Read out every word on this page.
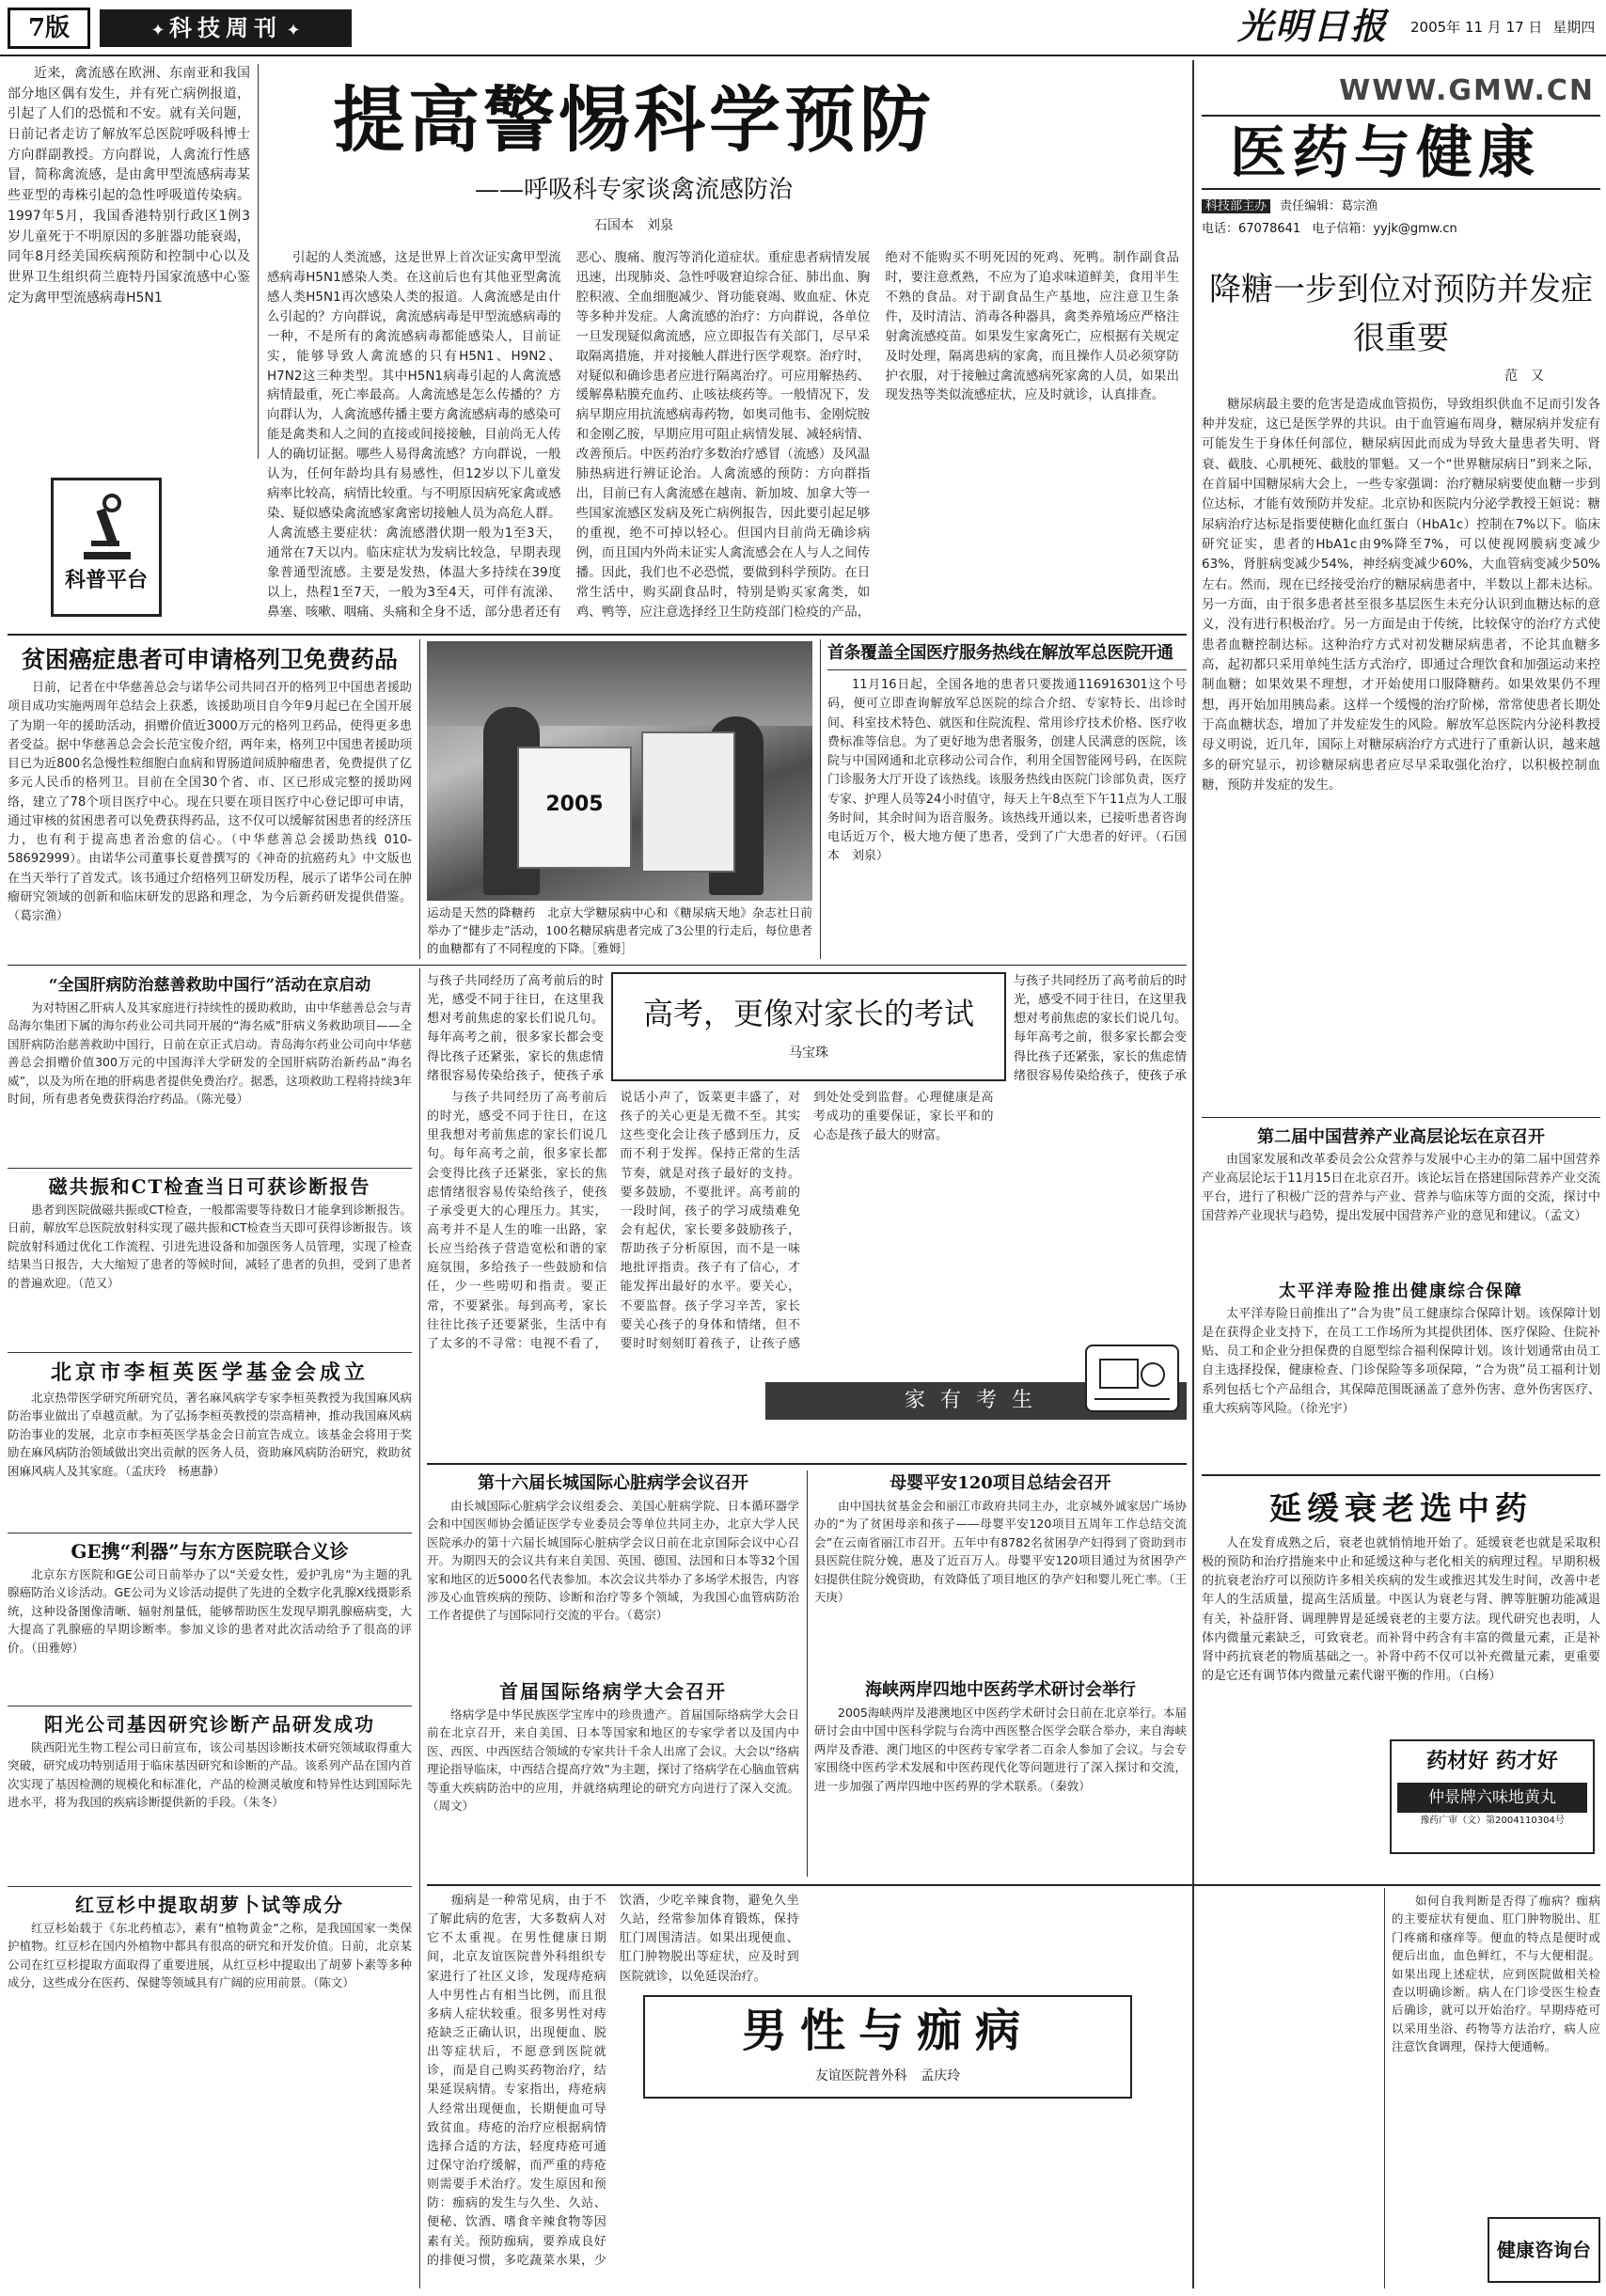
7版	✦ 科技周刊 ✦	光明日报	2005年 11 月 17 日 星期四
近来，禽流感在欧洲、东南亚和我国部分地区偶有发生，并有死亡病例报道，引起了人们的恐慌和不安。就有关问题，日前记者走访了解放军总医院呼吸科博士方向群副教授。方向群说，人禽流行性感冒，简称禽流感，是由禽甲型流感病毒某些亚型的毒株引起的急性呼吸道传染病。1997年5月，我国香港特别行政区1例3岁儿童死于不明原因的多脏器功能衰竭，同年8月经美国疾病预防和控制中心以及世界卫生组织荷兰鹿特丹国家流感中心鉴定为禽甲型流感病毒H5N1
提高警惕科学预防
——呼吸科专家谈禽流感防治
石国本　刘泉
引起的人类流感，这是世界上首次证实禽甲型流感病毒H5N1感染人类。在这前后也有其他亚型禽流感人类H5N1再次感染人类的报道。人禽流感是由什么引起的？方向群说，禽流感病毒是甲型流感病毒的一种，不是所有的禽流感病毒都能感染人，目前证实，能够导致人禽流感的只有H5N1、H9N2、H7N2这三种类型。其中H5N1病毒引起的人禽流感病情最重，死亡率最高。人禽流感是怎么传播的？方向群认为，人禽流感传播主要方禽流感病毒的感染可能是禽类和人之间的直接或间接接触，目前尚无人传人的确切证据。哪些人易得禽流感？方向群说，一般认为，任何年龄均具有易感性，但12岁以下儿童发病率比较高，病情比较重。与不明原因病死家禽或感染、疑似感染禽流感家禽密切接触人员为高危人群。人禽流感主要症状：禽流感潜伏期一般为1至3天，通常在7天以内。临床症状为发病比较急，早期表现象普通型流感。主要是发热，体温大多持续在39度以上，热程1至7天，一般为3至4天，可伴有流涕、鼻塞、咳嗽、咽痛、头痛和全身不适，部分患者还有恶心、腹痛、腹泻等消化道症状。重症患者病情发展迅速，出现肺炎、急性呼吸窘迫综合征、肺出血、胸腔积液、全血细胞减少、肾功能衰竭、败血症、休克等多种并发症。人禽流感的治疗：方向群说，各单位一旦发现疑似禽流感，应立即报告有关部门，尽早采取隔离措施，并对接触人群进行医学观察。治疗时，对疑似和确诊患者应进行隔离治疗。可应用解热药、缓解鼻粘膜充血药、止咳祛痰药等。一般情况下，发病早期应用抗流感病毒药物，如奥司他韦、金刚烷胺和金刚乙胺，早期应用可阻止病情发展、减轻病情、改善预后。中医药治疗多数治疗感冒（流感）及风温肺热病进行辨证论治。人禽流感的预防：方向群指出，目前已有人禽流感在越南、新加坡、加拿大等一些国家流感区发病及死亡病例报告，因此要引起足够的重视，绝不可掉以轻心。但国内目前尚无确诊病例，而且国内外尚未证实人禽流感会在人与人之间传播。因此，我们也不必恐慌，要做到科学预防。在日常生活中，购买副食品时，特别是购买家禽类，如鸡、鸭等，应注意选择经卫生防疫部门检疫的产品，绝对不能购买不明死因的死鸡、死鸭。制作副食品时，要注意煮熟，不应为了追求味道鲜美，食用半生不熟的食品。对于副食品生产基地，应注意卫生条件，及时清洁、消毒各种器具，禽类养殖场应严格注射禽流感疫苗。如果发生家禽死亡，应根据有关规定及时处理，隔离患病的家禽，而且操作人员必须穿防护衣服，对于接触过禽流感病死家禽的人员，如果出现发热等类似流感症状，应及时就诊，认真排查。
科普平台
WWW.GMW.CN
医药与健康
科技部主办 责任编辑：葛宗渔
电话：67078641 电子信箱：yyjk@gmw.cn
降糖一步到位对预防并发症很重要
范　又
糖尿病最主要的危害是造成血管损伤，导致组织供血不足而引发各种并发症，这已是医学界的共识。由于血管遍布周身，糖尿病并发症有可能发生于身体任何部位，糖尿病因此而成为导致大量患者失明、肾衰、截肢、心肌梗死、截肢的罪魁。又一个“世界糖尿病日”到来之际，在首届中国糖尿病大会上，一些专家强调：治疗糖尿病要使血糖一步到位达标，才能有效预防并发症。北京协和医院内分泌学教授王姮说：糖尿病治疗达标是指要使糖化血红蛋白（HbA1c）控制在7%以下。临床研究证实，患者的HbA1c由9%降至7%，可以使视网膜病变减少63%，肾脏病变减少54%，神经病变减少60%，大血管病变减少50%左右。然而，现在已经接受治疗的糖尿病患者中，半数以上都未达标。另一方面，由于很多患者甚至很多基层医生未充分认识到血糖达标的意义，没有进行积极治疗。另一方面是由于传统，比较保守的治疗方式使患者血糖控制达标。这种治疗方式对初发糖尿病患者，不论其血糖多高，起初都只采用单纯生活方式治疗，即通过合理饮食和加强运动来控制血糖；如果效果不理想，才开始使用口服降糖药。如果效果仍不理想，再开始加用胰岛素。这样一个缓慢的治疗阶梯，常常使患者长期处于高血糖状态，增加了并发症发生的风险。解放军总医院内分泌科教授母义明说，近几年，国际上对糖尿病治疗方式进行了重新认识，越来越多的研究显示，初诊糖尿病患者应尽早采取强化治疗，以积极控制血糖，预防并发症的发生。
第二届中国营养产业高层论坛在京召开
由国家发展和改革委员会公众营养与发展中心主办的第二届中国营养产业高层论坛于11月15日在北京召开。该论坛旨在搭建国际营养产业交流平台，进行了积极广泛的营养与产业、营养与临床等方面的交流，探讨中国营养产业现状与趋势，提出发展中国营养产业的意见和建议。（孟文）
太平洋寿险推出健康综合保障
太平洋寿险日前推出了“合为贵”员工健康综合保障计划。该保障计划是在获得企业支持下，在员工工作场所为其提供团体、医疗保险、住院补贴、员工和企业分担保费的自愿型综合福利保障计划。该计划通常由员工自主选择投保，健康检查、门诊保险等多项保障，“合为贵”员工福利计划系列包括七个产品组合，其保障范围既涵盖了意外伤害、意外伤害医疗、重大疾病等风险。（徐光宇）
延缓衰老选中药
人在发育成熟之后，衰老也就悄悄地开始了。延缓衰老也就是采取积极的预防和治疗措施来中止和延缓这种与老化相关的病理过程。早期积极的抗衰老治疗可以预防许多相关疾病的发生或推迟其发生时间，改善中老年人的生活质量，提高生活质量。中医认为衰老与肾、脾等脏腑功能减退有关，补益肝肾、调理脾胃是延缓衰老的主要方法。现代研究也表明，人体内微量元素缺乏，可致衰老。而补肾中药含有丰富的微量元素，正是补肾中药抗衰老的物质基础之一。补肾中药不仅可以补充微量元素，更重要的是它还有调节体内微量元素代谢平衡的作用。（白杨）
药材好 药才好
仲景牌六味地黄丸
豫药广审（文）第2004110304号
贫困癌症患者可申请格列卫免费药品
日前，记者在中华慈善总会与诺华公司共同召开的格列卫中国患者援助项目成功实施两周年总结会上获悉，该援助项目自今年9月起已在全国开展了为期一年的援助活动，捐赠价值近3000万元的格列卫药品，使得更多患者受益。据中华慈善总会会长范宝俊介绍，两年来，格列卫中国患者援助项目已为近800名急慢性粒细胞白血病和胃肠道间质肿瘤患者，免费提供了亿多元人民币的格列卫。目前在全国30个省、市、区已形成完整的援助网络，建立了78个项目医疗中心。现在只要在项目医疗中心登记即可申请，通过审核的贫困患者可以免费获得药品，这不仅可以缓解贫困患者的经济压力，也有利于提高患者治愈的信心。（中华慈善总会援助热线 010-58692999）。由诺华公司董事长夏普撰写的《神奇的抗癌药丸》中文版也在当天举行了首发式。该书通过介绍格列卫研发历程，展示了诺华公司在肿瘤研究领域的创新和临床研发的思路和理念，为今后新药研发提供借鉴。（葛宗渔）
2005
运动是天然的降糖药　北京大学糖尿病中心和《糖尿病天地》杂志社日前举办了“健步走”活动，100名糖尿病患者完成了3公里的行走后，每位患者的血糖都有了不同程度的下降。［雅姆］
首条覆盖全国医疗服务热线在解放军总医院开通
11月16日起，全国各地的患者只要拨通116916301这个号码，便可立即查询解放军总医院的综合介绍、专家特长、出诊时间、科室技术特色、就医和住院流程、常用诊疗技术价格、医疗收费标准等信息。为了更好地为患者服务，创建人民满意的医院，该院与中国网通和北京移动公司合作，利用全国智能网号码，在医院门诊服务大厅开设了该热线。该服务热线由医院门诊部负责，医疗专家、护理人员等24小时值守，每天上午8点至下午11点为人工服务时间，其余时间为语音服务。该热线开通以来，已接听患者咨询电话近万个，极大地方便了患者，受到了广大患者的好评。（石国本　刘泉）
“全国肝病防治慈善救助中国行”活动在京启动
为对特困乙肝病人及其家庭进行持续性的援助救助，由中华慈善总会与青岛海尔集团下属的海尔药业公司共同开展的“海名威”肝病义务救助项目——全国肝病防治慈善救助中国行，日前在京正式启动。青岛海尔药业公司向中华慈善总会捐赠价值300万元的中国海洋大学研发的全国肝病防治新药品“海名威”，以及为所在地的肝病患者提供免费治疗。据悉，这项救助工程将持续3年时间，所有患者免费获得治疗药品。（陈光曼）
磁共振和CT检查当日可获诊断报告
患者到医院做磁共振或CT检查，一般都需要等待数日才能拿到诊断报告。日前，解放军总医院放射科实现了磁共振和CT检查当天即可获得诊断报告。该院放射科通过优化工作流程、引进先进设备和加强医务人员管理，实现了检查结果当日报告，大大缩短了患者的等候时间，减轻了患者的负担，受到了患者的普遍欢迎。（范又）
北京市李桓英医学基金会成立
北京热带医学研究所研究员，著名麻风病学专家李桓英教授为我国麻风病防治事业做出了卓越贡献。为了弘扬李桓英教授的崇高精神，推动我国麻风病防治事业的发展，北京市李桓英医学基金会日前宣告成立。该基金会将用于奖励在麻风病防治领域做出突出贡献的医务人员，资助麻风病防治研究，救助贫困麻风病人及其家庭。（孟庆玲　杨惠静）
GE携“利器”与东方医院联合义诊
北京东方医院和GE公司日前举办了以“关爱女性，爱护乳房”为主题的乳腺癌防治义诊活动。GE公司为义诊活动提供了先进的全数字化乳腺X线摄影系统，这种设备图像清晰、辐射剂量低，能够帮助医生发现早期乳腺癌病变，大大提高了乳腺癌的早期诊断率。参加义诊的患者对此次活动给予了很高的评价。（田雅婷）
阳光公司基因研究诊断产品研发成功
陕西阳光生物工程公司日前宣布，该公司基因诊断技术研究领域取得重大突破，研究成功特别适用于临床基因研究和诊断的产品。该系列产品在国内首次实现了基因检测的规模化和标准化，产品的检测灵敏度和特异性达到国际先进水平，将为我国的疾病诊断提供新的手段。（朱冬）
红豆杉中提取胡萝卜试等成分
红豆杉始载于《东北药植志》，素有“植物黄金”之称，是我国国家一类保护植物。红豆杉在国内外植物中都具有很高的研究和开发价值。日前，北京某公司在红豆杉提取方面取得了重要进展，从红豆杉中提取出了胡萝卜素等多种成分，这些成分在医药、保健等领域具有广阔的应用前景。（陈文）
高考，更像对家长的考试
马宝珠
与孩子共同经历了高考前后的时光，感受不同于往日，在这里我想对考前焦虑的家长们说几句。每年高考之前，很多家长都会变得比孩子还紧张，家长的焦虑情绪很容易传染给孩子，使孩子承受更大的心理压力。其实，高考并不是人生的唯一出路，家长应当给孩子营造宽松和谐的家庭氛围，多给孩子一些鼓励和信任，少一些唠叨和指责。要正常，不要紧张。每到高考，家长往往比孩子还要紧张，生活中有了太多的不寻常：电视不看了，说话小声了，饭菜更丰盛了，对孩子的关心更是无微不至。其实这些变化会让孩子感到压力，反而不利于发挥。保持正常的生活节奏，就是对孩子最好的支持。要多鼓励，不要批评。高考前的一段时间，孩子的学习成绩难免会有起伏，家长要多鼓励孩子，帮助孩子分析原因，而不是一味地批评指责。孩子有了信心，才能发挥出最好的水平。要关心，不要监督。孩子学习辛苦，家长要关心孩子的身体和情绪，但不要时时刻刻盯着孩子，让孩子感到处处受到监督。心理健康是高考成功的重要保证，家长平和的心态是孩子最大的财富。
与孩子共同经历了高考前后的时光，感受不同于往日，在这里我想对考前焦虑的家长们说几句。每年高考之前，很多家长都会变得比孩子还紧张，家长的焦虑情绪很容易传染给孩子，使孩子承
与孩子共同经历了高考前后的时光，感受不同于往日，在这里我想对考前焦虑的家长们说几句。每年高考之前，很多家长都会变得比孩子还紧张，家长的焦虑情绪很容易传染给孩子，使孩子承
家有考生
第十六届长城国际心脏病学会议召开
由长城国际心脏病学会议组委会、美国心脏病学院、日本循环器学会和中国医师协会循证医学专业委员会等单位共同主办，北京大学人民医院承办的第十六届长城国际心脏病学会议日前在北京国际会议中心召开。为期四天的会议共有来自美国、英国、德国、法国和日本等32个国家和地区的近5000名代表参加。本次会议共举办了多场学术报告，内容涉及心血管疾病的预防、诊断和治疗等多个领域，为我国心血管病防治工作者提供了与国际同行交流的平台。（葛宗）
母婴平安120项目总结会召开
由中国扶贫基金会和丽江市政府共同主办，北京城外诚家居广场协办的“为了贫困母亲和孩子——母婴平安120项目五周年工作总结交流会”在云南省丽江市召开。五年中有8782名贫困孕产妇得到了资助到市县医院住院分娩，惠及了近百万人。母婴平安120项目通过为贫困孕产妇提供住院分娩资助，有效降低了项目地区的孕产妇和婴儿死亡率。（王天庚）
首届国际络病学大会召开
络病学是中华民族医学宝库中的珍贵遗产。首届国际络病学大会日前在北京召开，来自美国、日本等国家和地区的专家学者以及国内中医、西医、中西医结合领域的专家共计千余人出席了会议。大会以“络病理论指导临床，中西结合提高疗效”为主题，探讨了络病学在心脑血管病等重大疾病防治中的应用，并就络病理论的研究方向进行了深入交流。（周文）
海峡两岸四地中医药学术研讨会举行
2005海峡两岸及港澳地区中医药学术研讨会日前在北京举行。本届研讨会由中国中医科学院与台湾中西医整合医学会联合举办，来自海峡两岸及香港、澳门地区的中医药专家学者二百余人参加了会议。与会专家围绕中医药学术发展和中医药现代化等问题进行了深入探讨和交流，进一步加强了两岸四地中医药界的学术联系。（秦敦）
男性与痂病
友谊医院普外科 孟庆玲
痂病是一种常见病，由于不了解此病的危害，大多数病人对它不太重视。在男性健康日期间，北京友谊医院普外科组织专家进行了社区义诊，发现痔疮病人中男性占有相当比例，而且很多病人症状较重。很多男性对痔疮缺乏正确认识，出现便血、脱出等症状后，不愿意到医院就诊，而是自己购买药物治疗，结果延误病情。专家指出，痔疮病人经常出现便血，长期便血可导致贫血。痔疮的治疗应根据病情选择合适的方法，轻度痔疮可通过保守治疗缓解，而严重的痔疮则需要手术治疗。发生原因和预防：痂病的发生与久坐、久站、便秘、饮酒、嗜食辛辣食物等因素有关。预防痂病，要养成良好的排便习惯，多吃蔬菜水果，少饮酒，少吃辛辣食物，避免久坐久站，经常参加体育锻炼，保持肛门周围清洁。如果出现便血、肛门肿物脱出等症状，应及时到医院就诊，以免延误治疗。
如何自我判断是否得了痂病？痂病的主要症状有便血、肛门肿物脱出、肛门疼痛和瘙痒等。便血的特点是便时或便后出血，血色鲜红，不与大便相混。如果出现上述症状，应到医院做相关检查以明确诊断。病人在门诊受医生检查后确诊，就可以开始治疗。早期痔疮可以采用坐浴、药物等方法治疗，病人应注意饮食调理，保持大便通畅。
健康咨询台
